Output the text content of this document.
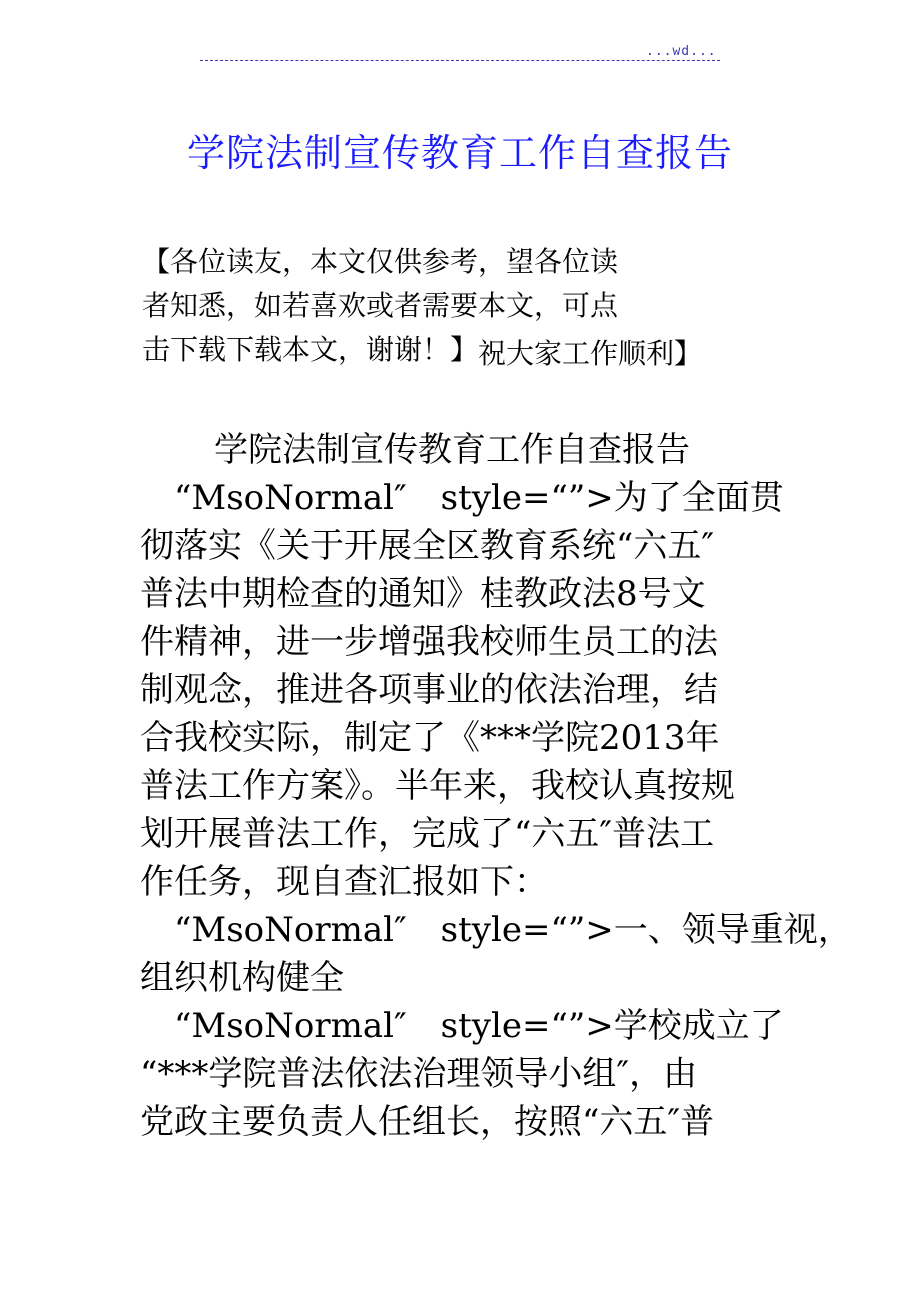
...wd...
学院法制宣传教育工作自查报告
【各位读友，本文仅供参考，望各位读
者知悉，如若喜欢或者需要本文，可点
击下载下载本文，谢谢！】祝大家工作顺利】
学院法制宣传教育工作自查报告
“MsoNormal″　style=“”>为了全面贯
彻落实《关于开展全区教育系统“六五″
普法中期检查的通知》桂教政法8号文
件精神，进一步增强我校师生员工的法
制观念，推进各项事业的依法治理，结
合我校实际，制定了《***学院2013年
普法工作方案》。半年来，我校认真按规
划开展普法工作，完成了“六五″普法工
作任务，现自查汇报如下：
“MsoNormal″　style=“”>一、领导重视，
组织机构健全
“MsoNormal″　style=“”>学校成立了
“***学院普法依法治理领导小组″，由
党政主要负责人任组长，按照“六五″普
